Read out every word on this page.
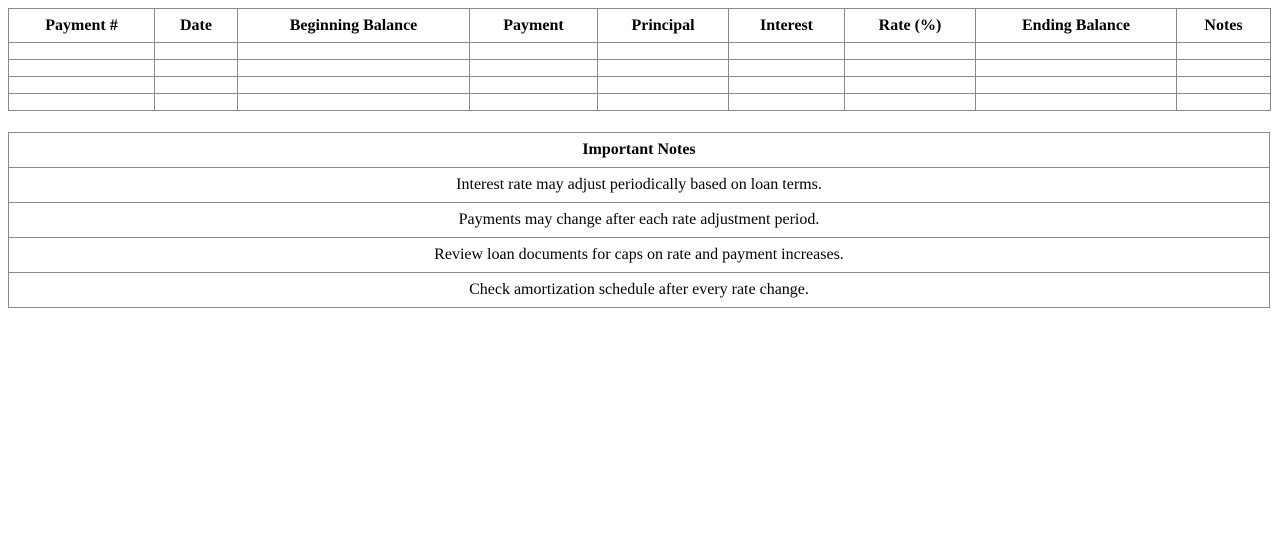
Payment #	Date	Beginning Balance	Payment	Principal	Interest	Rate (%)	Ending Balance	Notes

Important Notes
Interest rate may adjust periodically based on loan terms.
Payments may change after each rate adjustment period.
Review loan documents for caps on rate and payment increases.
Check amortization schedule after every rate change.
